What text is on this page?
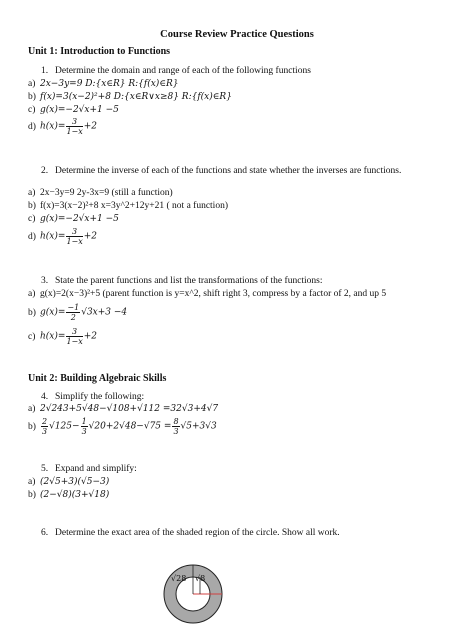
Course Review Practice Questions
Unit 1: Introduction to Functions
1. Determine the domain and range of each of the following functions
a) 2x−3y=9 D:{x∈R} R:{f(x)∈R}
b) f(x)=3(x−2)²+8 D:{x∈R∨x≥8} R:{f(x)∈R}
c) g(x)=−2√x+1 −5
d) $h(x)= \frac{3}{1-x} +2$
2. Determine the inverse of each of the functions and state whether the inverses are functions.
a) 2x−3y=9 2y-3x=9 (still a function)
b) f(x)=3(x−2)²+8 x=3y^2+12y+21 ( not a function)
c) g(x)=−2√x+1 −5
d) $h(x)= \frac{3}{1-x} +2$
3. State the parent functions and list the transformations of the functions:
a) g(x)=2(x−3)²+5 (parent function is y=x^2, shift right 3, compress by a factor of 2, and up 5
b) $g(x)= \frac{-1}{2} √3x+3 -4$
c) $h(x)= \frac{3}{1-x} +2$
Unit 2: Building Algebraic Skills
4. Simplify the following:
a) 2√243+5√48−√108+√112 =32√3+4√7
$b) \frac{2}{3} √125- \frac{1}{3} √20+2√48-√75 = \frac{8}{3} √5+3√3$
5. Expand and simplify:
a) (2√5+3)(√5−3)
b) (2−√8)(3+√18)
6. Determine the exact area of the shaded region of the circle. Show all work.
√28 √8
